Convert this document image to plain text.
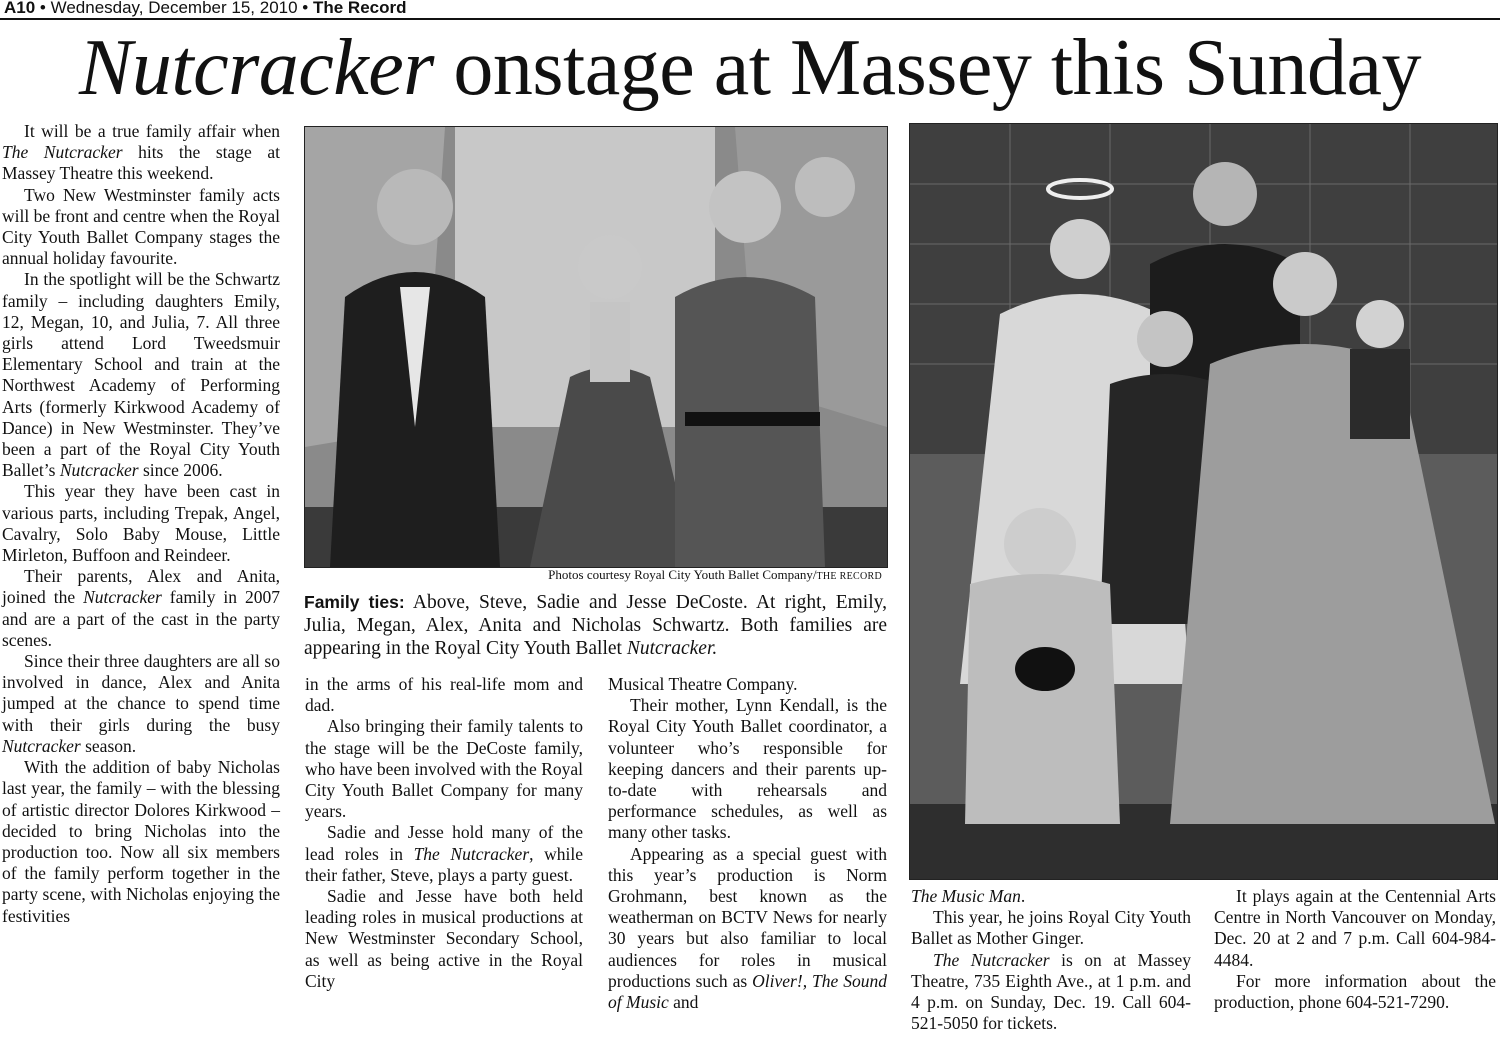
A10 • Wednesday, December 15, 2010 • The Record
Nutcracker onstage at Massey this Sunday

It will be a true family affair when The Nutcracker hits the stage at Massey Theatre this weekend.

Two New Westminster family acts will be front and centre when the Royal City Youth Ballet Company stages the annual holiday favourite.

In the spotlight will be the Schwartz family – including daughters Emily, 12, Megan, 10, and Julia, 7. All three girls attend Lord Tweedsmuir Elementary School and train at the Northwest Academy of Performing Arts (formerly Kirkwood Academy of Dance) in New Westminster. They’ve been a part of the Royal City Youth Ballet’s Nutcracker since 2006.

This year they have been cast in various parts, including Trepak, Angel, Cavalry, Solo Baby Mouse, Little Mirleton, Buffoon and Reindeer.

Their parents, Alex and Anita, joined the Nutcracker family in 2007 and are a part of the cast in the party scenes.

Since their three daughters are all so involved in dance, Alex and Anita jumped at the chance to spend time with their girls during the busy Nutcracker season.

With the addition of baby Nicholas last year, the family – with the blessing of artistic director Dolores Kirkwood – decided to bring Nicholas into the production too. Now all six members of the family perform together in the party scene, with Nicholas enjoying the festivities

Photos courtesy Royal City Youth Ballet Company/THE RECORD
Family ties: Above, Steve, Sadie and Jesse DeCoste. At right, Emily, Julia, Megan, Alex, Anita and Nicholas Schwartz. Both families are appearing in the Royal City Youth Ballet Nutcracker.

in the arms of his real-life mom and dad.

Also bringing their family talents to the stage will be the DeCoste family, who have been involved with the Royal City Youth Ballet Company for many years.

Sadie and Jesse hold many of the lead roles in The Nutcracker, while their father, Steve, plays a party guest.

Sadie and Jesse have both held leading roles in musical productions at New Westminster Secondary School, as well as being active in the Royal City

Musical Theatre Company.

Their mother, Lynn Kendall, is the Royal City Youth Ballet coordinator, a volunteer who’s responsible for keeping dancers and their parents up-to-date with rehearsals and performance schedules, as well as many other tasks.

Appearing as a special guest with this year’s production is Norm Grohmann, best known as the weatherman on BCTV News for nearly 30 years but also familiar to local audiences for roles in musical productions such as Oliver!, The Sound of Music and

The Music Man.

This year, he joins Royal City Youth Ballet as Mother Ginger.

The Nutcracker is on at Massey Theatre, 735 Eighth Ave., at 1 p.m. and 4 p.m. on Sunday, Dec. 19. Call 604-521-5050 for tickets.

It plays again at the Centennial Arts Centre in North Vancouver on Monday, Dec. 20 at 2 and 7 p.m. Call 604-984-4484.

For more information about the production, phone 604-521-7290.
